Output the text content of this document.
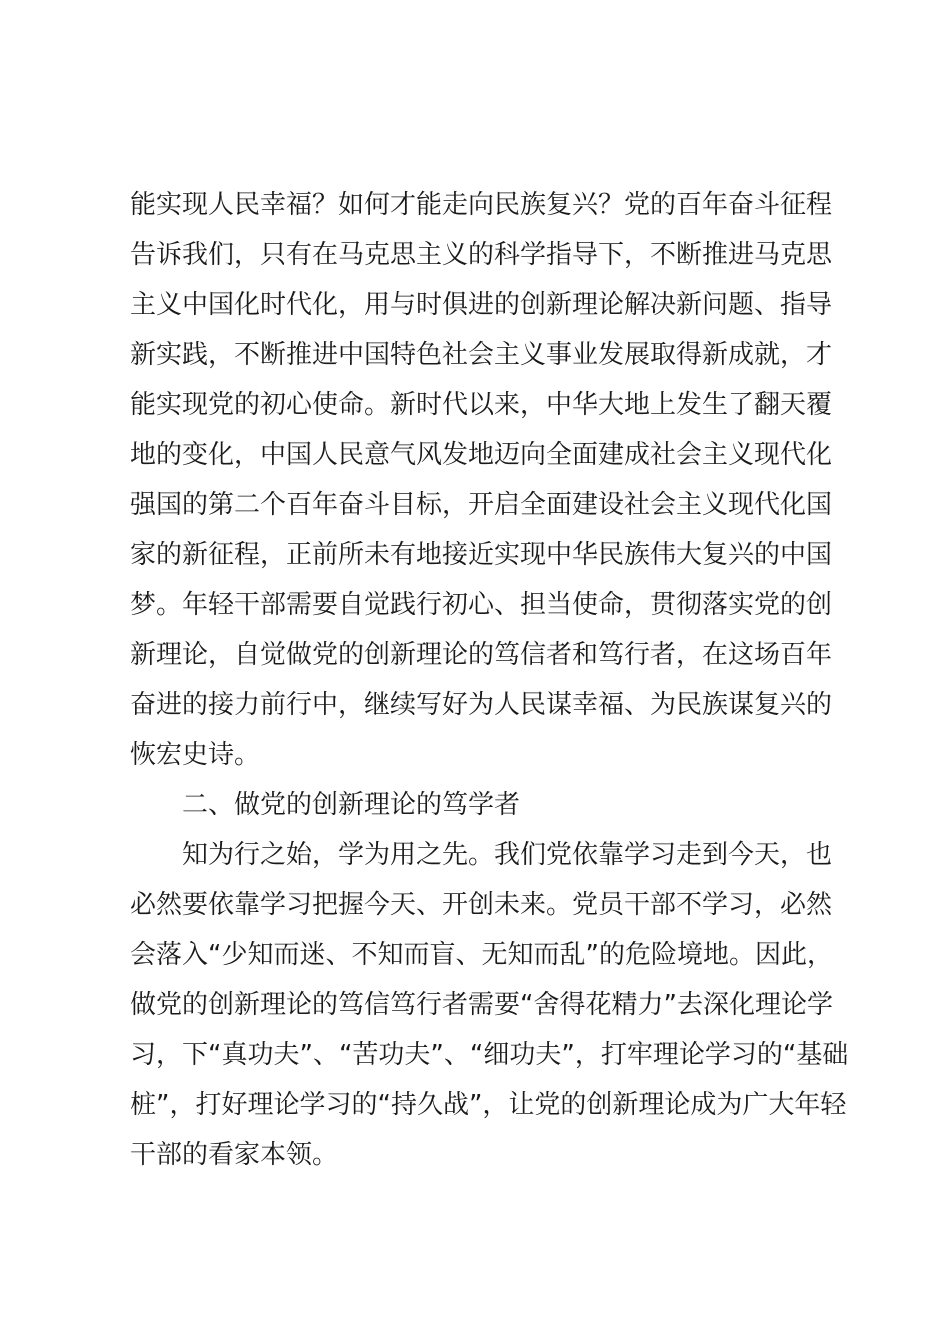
能实现人民幸福？如何才能走向民族复兴？党的百年奋斗征程
告诉我们，只有在马克思主义的科学指导下，不断推进马克思
主义中国化时代化，用与时俱进的创新理论解决新问题、指导
新实践，不断推进中国特色社会主义事业发展取得新成就，才
能实现党的初心使命。新时代以来，中华大地上发生了翻天覆
地的变化，中国人民意气风发地迈向全面建成社会主义现代化
强国的第二个百年奋斗目标，开启全面建设社会主义现代化国
家的新征程，正前所未有地接近实现中华民族伟大复兴的中国
梦。年轻干部需要自觉践行初心、担当使命，贯彻落实党的创
新理论，自觉做党的创新理论的笃信者和笃行者，在这场百年
奋进的接力前行中，继续写好为人民谋幸福、为民族谋复兴的
恢宏史诗。
二、做党的创新理论的笃学者
知为行之始，学为用之先。我们党依靠学习走到今天，也
必然要依靠学习把握今天、开创未来。党员干部不学习，必然
会落入“少知而迷、不知而盲、无知而乱”的危险境地。因此，
做党的创新理论的笃信笃行者需要“舍得花精力”去深化理论学
习，下“真功夫”、“苦功夫”、“细功夫”，打牢理论学习的“基础
桩”，打好理论学习的“持久战”，让党的创新理论成为广大年轻
干部的看家本领。
